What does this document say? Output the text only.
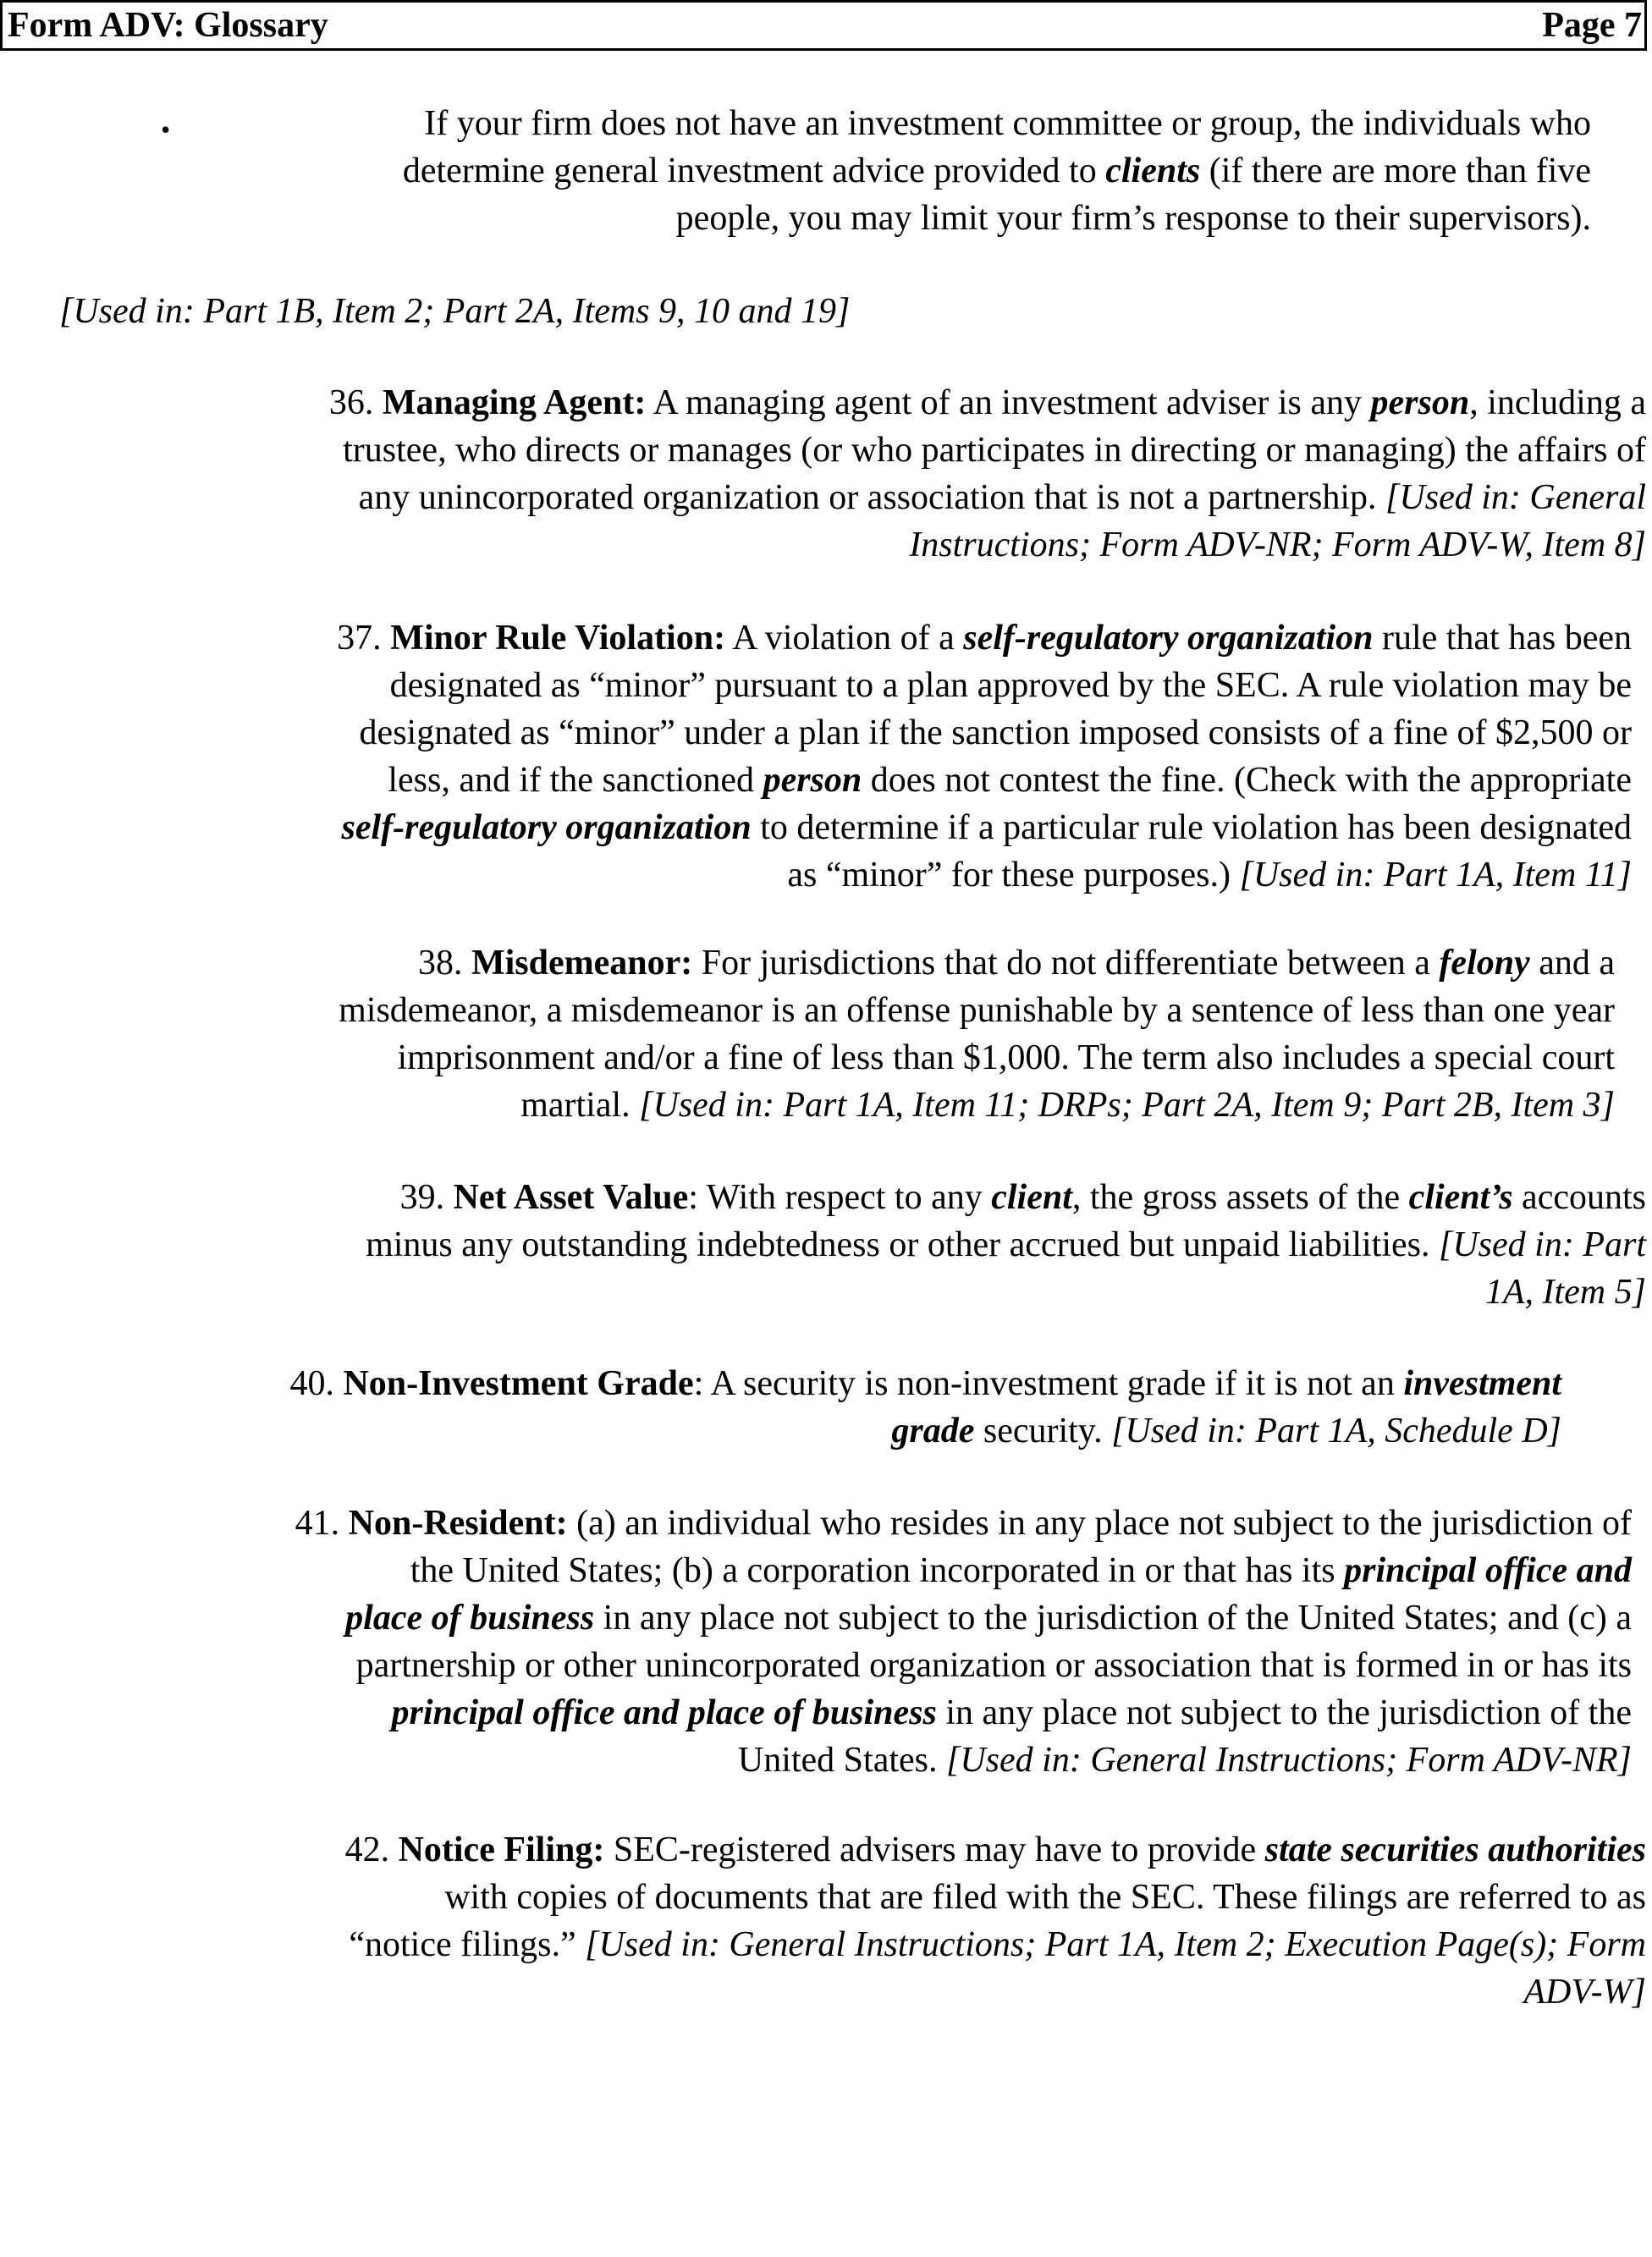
Form ADV: Glossary	Page 7
•	If your firm does not have an investment committee or group, the individuals who
determine general investment advice provided to clients (if there are more than five
people, you may limit your firm’s response to their supervisors).
[Used in: Part 1B, Item 2; Part 2A, Items 9, 10 and 19]
36. Managing Agent: A managing agent of an investment adviser is any person, including a
trustee, who directs or manages (or who participates in directing or managing) the affairs of
any unincorporated organization or association that is not a partnership. [Used in: General
Instructions; Form ADV-NR; Form ADV-W, Item 8]
37. Minor Rule Violation: A violation of a self-regulatory organization rule that has been
designated as “minor” pursuant to a plan approved by the SEC. A rule violation may be
designated as “minor” under a plan if the sanction imposed consists of a fine of $2,500 or
less, and if the sanctioned person does not contest the fine. (Check with the appropriate
self-regulatory organization to determine if a particular rule violation has been designated
as “minor” for these purposes.) [Used in: Part 1A, Item 11]
38. Misdemeanor: For jurisdictions that do not differentiate between a felony and a
misdemeanor, a misdemeanor is an offense punishable by a sentence of less than one year
imprisonment and/or a fine of less than $1,000. The term also includes a special court
martial. [Used in: Part 1A, Item 11; DRPs; Part 2A, Item 9; Part 2B, Item 3]
39. Net Asset Value: With respect to any client, the gross assets of the client’s accounts
minus any outstanding indebtedness or other accrued but unpaid liabilities. [Used in: Part
1A, Item 5]
40. Non-Investment Grade: A security is non-investment grade if it is not an investment
grade security. [Used in: Part 1A, Schedule D]
41. Non-Resident: (a) an individual who resides in any place not subject to the jurisdiction of
the United States; (b) a corporation incorporated in or that has its principal office and
place of business in any place not subject to the jurisdiction of the United States; and (c) a
partnership or other unincorporated organization or association that is formed in or has its
principal office and place of business in any place not subject to the jurisdiction of the
United States. [Used in: General Instructions; Form ADV-NR]
42. Notice Filing: SEC-registered advisers may have to provide state securities authorities
with copies of documents that are filed with the SEC. These filings are referred to as
“notice filings.” [Used in: General Instructions; Part 1A, Item 2; Execution Page(s); Form
ADV-W]
